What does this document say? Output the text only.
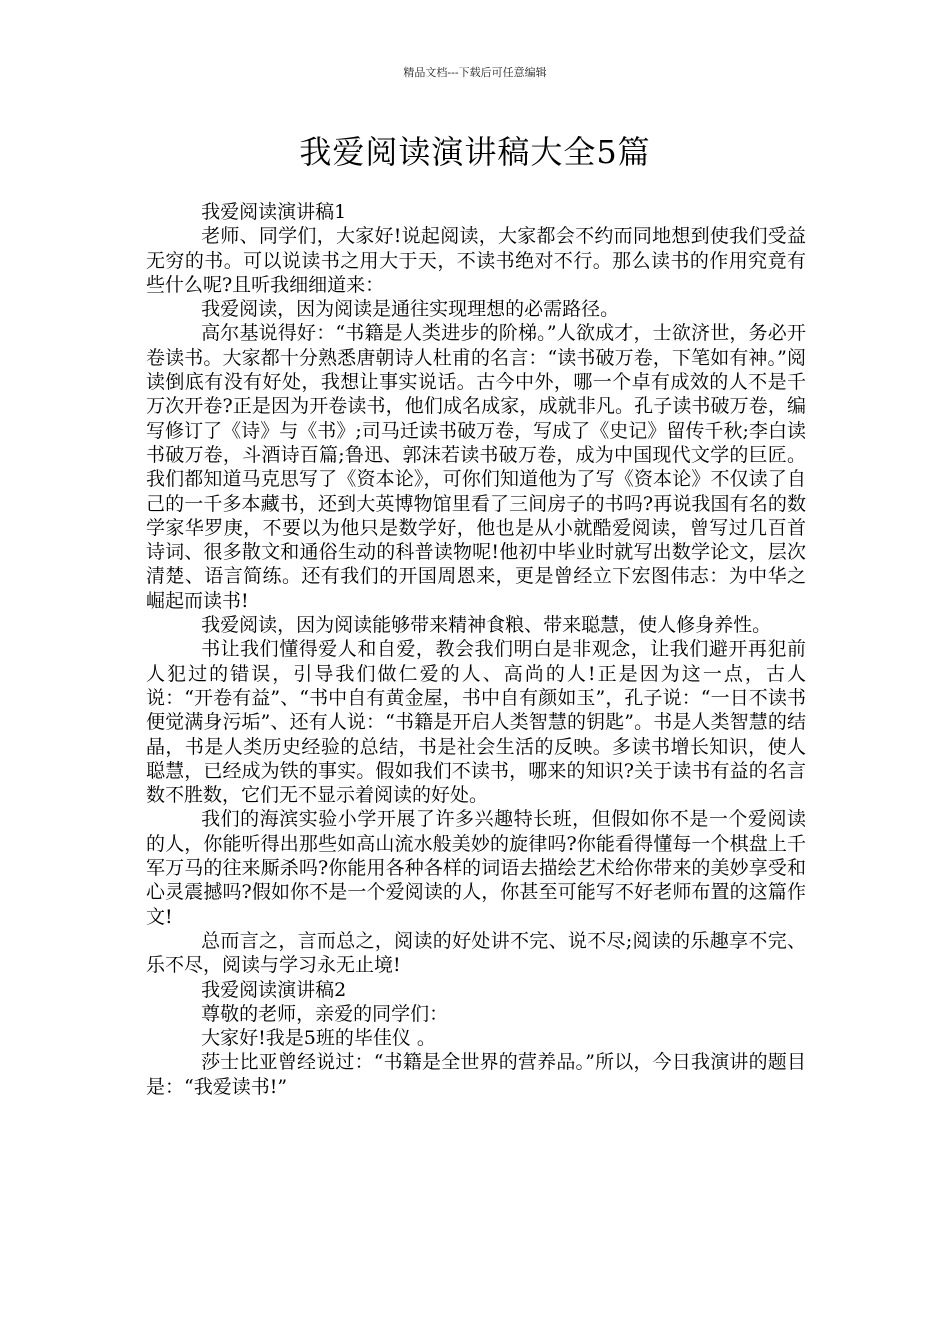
精品文档---下载后可任意编辑
我爱阅读演讲稿大全5篇

我爱阅读演讲稿1

老师、同学们，大家好!说起阅读，大家都会不约而同地想到使我们受益无穷的书。可以说读书之用大于天，不读书绝对不行。那么读书的作用究竟有些什么呢?且听我细细道来：

我爱阅读，因为阅读是通往实现理想的必需路径。

高尔基说得好：“书籍是人类进步的阶梯。”人欲成才，士欲济世，务必开卷读书。大家都十分熟悉唐朝诗人杜甫的名言：“读书破万卷，下笔如有神。”阅读倒底有没有好处，我想让事实说话。古今中外，哪一个卓有成效的人不是千万次开卷?正是因为开卷读书，他们成名成家，成就非凡。孔子读书破万卷，编写修订了《诗》与《书》;司马迁读书破万卷，写成了《史记》留传千秋;李白读书破万卷，斗酒诗百篇;鲁迅、郭沫若读书破万卷，成为中国现代文学的巨匠。我们都知道马克思写了《资本论》，可你们知道他为了写《资本论》不仅读了自己的一千多本藏书，还到大英博物馆里看了三间房子的书吗?再说我国有名的数学家华罗庚，不要以为他只是数学好，他也是从小就酷爱阅读，曾写过几百首诗词、很多散文和通俗生动的科普读物呢!他初中毕业时就写出数学论文，层次清楚、语言简练。还有我们的开国周恩来，更是曾经立下宏图伟志：为中华之崛起而读书!

我爱阅读，因为阅读能够带来精神食粮、带来聪慧，使人修身养性。

书让我们懂得爱人和自爱，教会我们明白是非观念，让我们避开再犯前人犯过的错误，引导我们做仁爱的人、高尚的人!正是因为这一点，古人说：“开卷有益”、“书中自有黄金屋，书中自有颜如玉”，孔子说：“一日不读书便觉满身污垢”、还有人说：“书籍是开启人类智慧的钥匙”。书是人类智慧的结晶，书是人类历史经验的总结，书是社会生活的反映。多读书增长知识，使人聪慧，已经成为铁的事实。假如我们不读书，哪来的知识?关于读书有益的名言数不胜数，它们无不显示着阅读的好处。

我们的海滨实验小学开展了许多兴趣特长班，但假如你不是一个爱阅读的人，你能听得出那些如高山流水般美妙的旋律吗?你能看得懂每一个棋盘上千军万马的往来厮杀吗?你能用各种各样的词语去描绘艺术给你带来的美妙享受和心灵震撼吗?假如你不是一个爱阅读的人，你甚至可能写不好老师布置的这篇作文!

总而言之，言而总之，阅读的好处讲不完、说不尽;阅读的乐趣享不完、乐不尽，阅读与学习永无止境!

我爱阅读演讲稿2

尊敬的老师，亲爱的同学们：

大家好!我是5班的毕佳仪 。

莎士比亚曾经说过：“书籍是全世界的营养品。”所以，今日我演讲的题目是：“我爱读书!”
